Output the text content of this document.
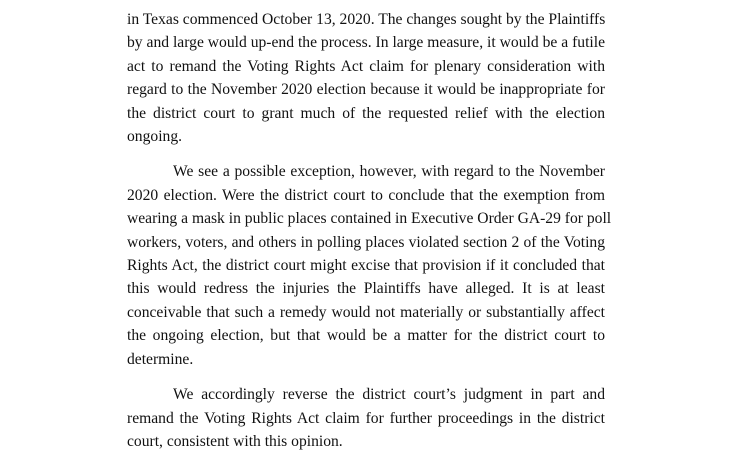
in Texas commenced October 13, 2020. The changes sought by the Plaintiffs
by and large would up-end the process. In large measure, it would be a futile
act to remand the Voting Rights Act claim for plenary consideration with
regard to the November 2020 election because it would be inappropriate for
the district court to grant much of the requested relief with the election
ongoing.

We see a possible exception, however, with regard to the November
2020 election. Were the district court to conclude that the exemption from
wearing a mask in public places contained in Executive Order GA-29 for poll
workers, voters, and others in polling places violated section 2 of the Voting
Rights Act, the district court might excise that provision if it concluded that
this would redress the injuries the Plaintiffs have alleged. It is at least
conceivable that such a remedy would not materially or substantially affect
the ongoing election, but that would be a matter for the district court to
determine.

We accordingly reverse the district court’s judgment in part and
remand the Voting Rights Act claim for further proceedings in the district
court, consistent with this opinion.
